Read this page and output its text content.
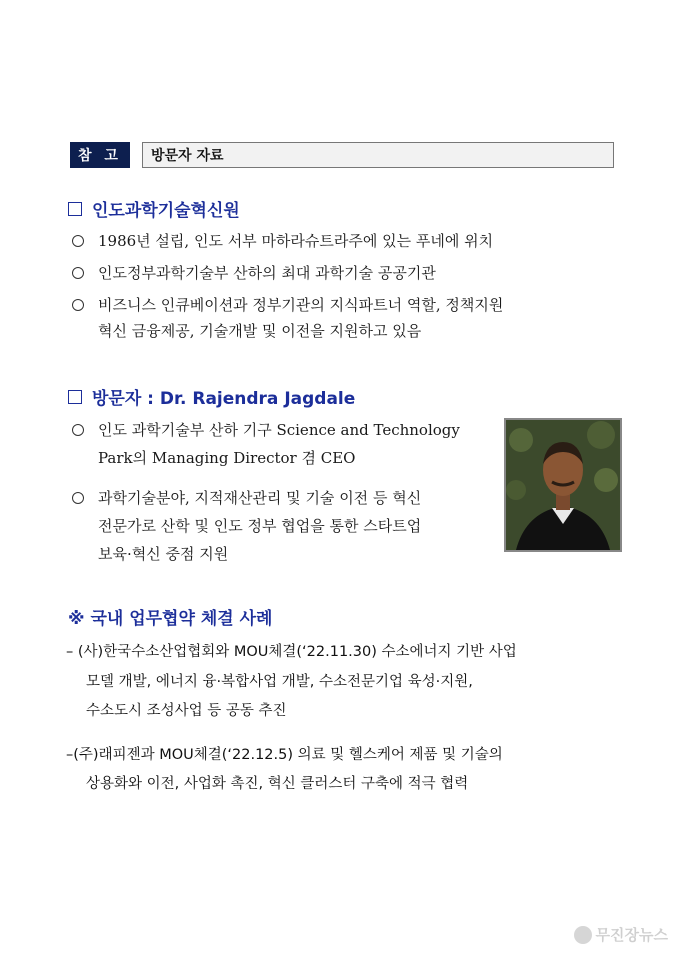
참 고	방문자 자료
인도과학기술혁신원
1986년 설립, 인도 서부 마하라슈트라주에 있는 푸네에 위치
인도정부과학기술부 산하의 최대 과학기술 공공기관
비즈니스 인큐베이션과 정부기관의 지식파트너 역할, 정책지원
혁신 금융제공, 기술개발 및 이전을 지원하고 있음
방문자 : Dr. Rajendra Jagdale
인도 과학기술부 산하 기구 Science and Technology
Park의 Managing Director 겸 CEO
과학기술분야, 지적재산관리 및 기술 이전 등 혁신
전문가로 산학 및 인도 정부 협업을 통한 스타트업
보육·혁신 중점 지원
※ 국내 업무협약 체결 사례
– (사)한국수소산업협회와 MOU체결(‘22.11.30) 수소에너지 기반 사업
모델 개발, 에너지 융·복합사업 개발, 수소전문기업 육성·지원,
수소도시 조성사업 등 공동 추진
–(주)래피젠과 MOU체결(‘22.12.5) 의료 및 헬스케어 제품 및 기술의
상용화와 이전, 사업화 촉진, 혁신 클러스터 구축에 적극 협력
무진장뉴스
